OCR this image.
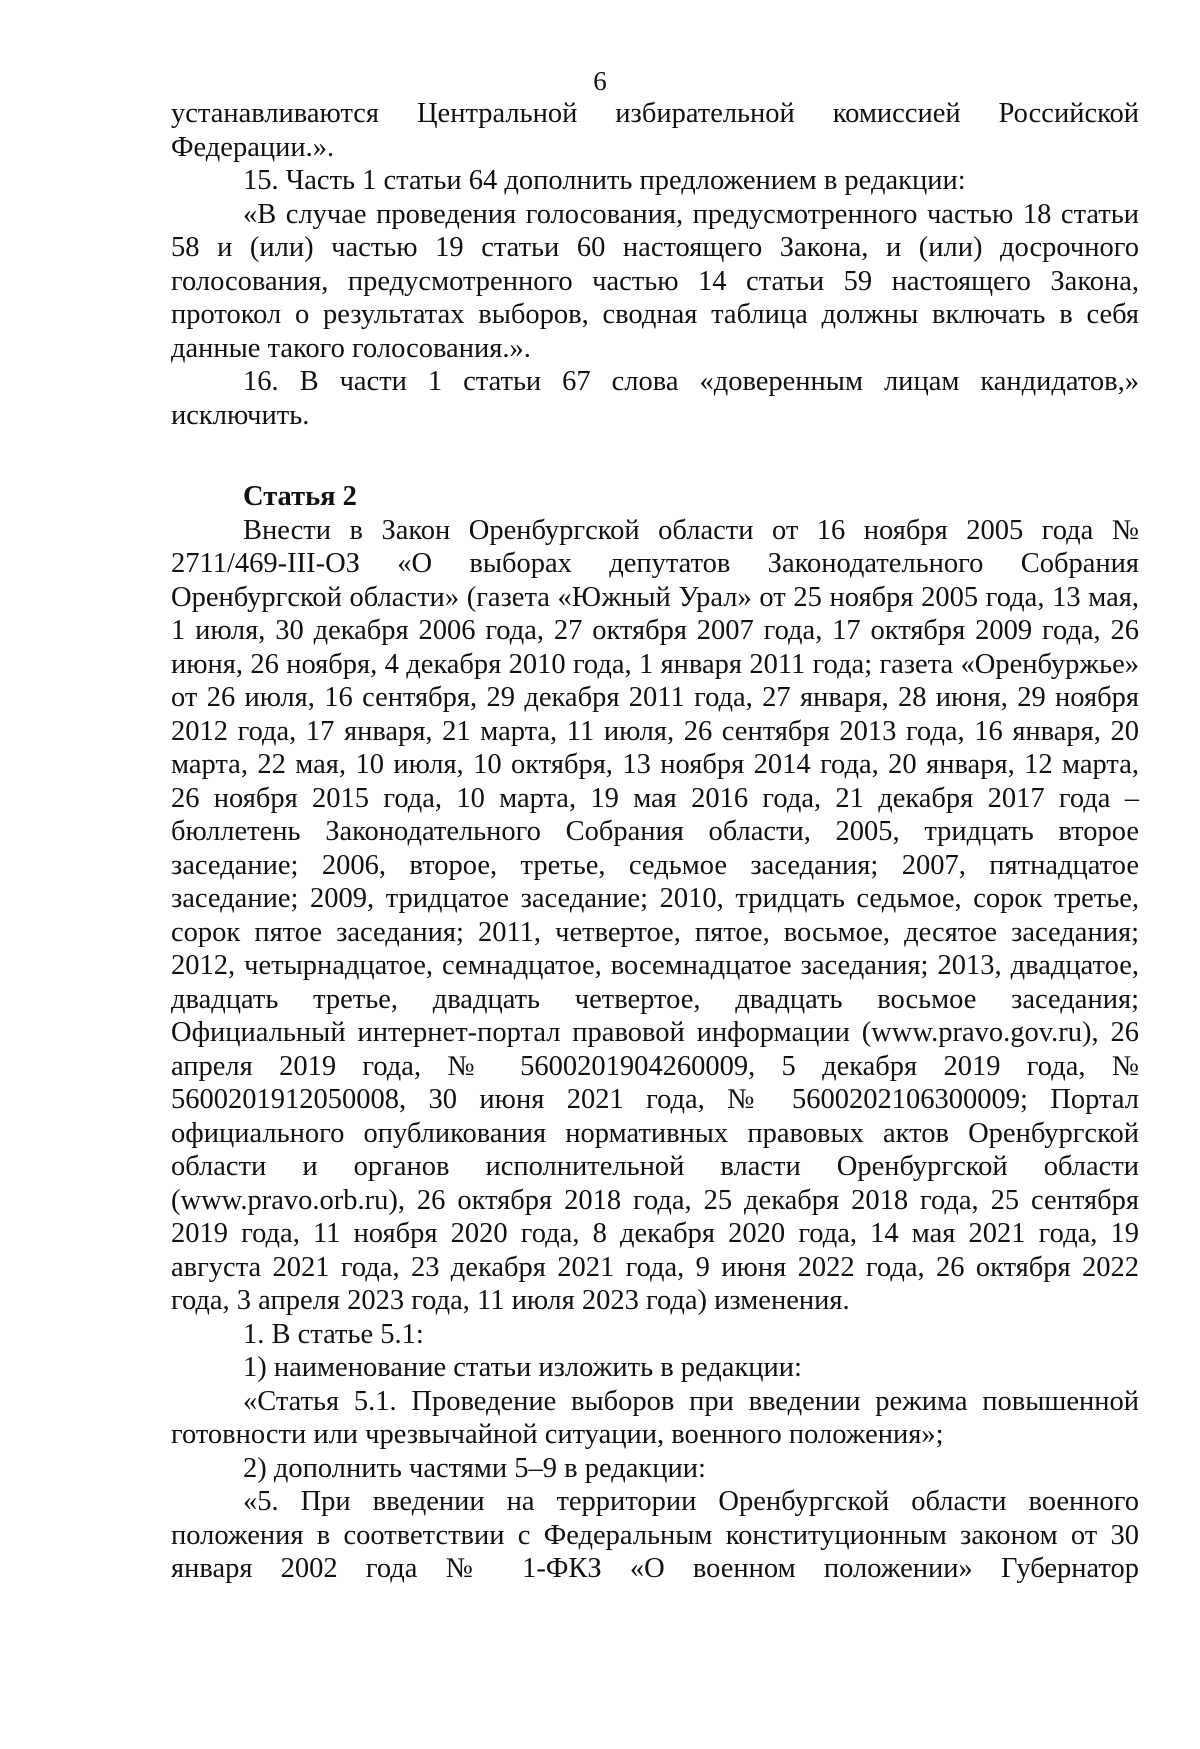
6

устанавливаются Центральной избирательной комиссией Российской Федерации.».

15. Часть 1 статьи 64 дополнить предложением в редакции:

«В случае проведения голосования, предусмотренного частью 18 статьи 58 и (или) частью 19 статьи 60 настоящего Закона, и (или) досрочного голосования, предусмотренного частью 14 статьи 59 настоящего Закона, протокол о результатах выборов, сводная таблица должны включать в себя данные такого голосования.».

16. В части 1 статьи 67 слова «доверенным лицам кандидатов,» исключить.

Статья 2

Внести в Закон Оренбургской области от 16 ноября 2005 года № 2711/469-III-ОЗ «О выборах депутатов Законодательного Собрания Оренбургской области» (газета «Южный Урал» от 25 ноября 2005 года, 13 мая, 1 июля, 30 декабря 2006 года, 27 октября 2007 года, 17 октября 2009 года, 26 июня, 26 ноября, 4 декабря 2010 года, 1 января 2011 года; газета «Оренбуржье» от 26 июля, 16 сентября, 29 декабря 2011 года, 27 января, 28 июня, 29 ноября 2012 года, 17 января, 21 марта, 11 июля, 26 сентября 2013 года, 16 января, 20 марта, 22 мая, 10 июля, 10 октября, 13 ноября 2014 года, 20 января, 12 марта, 26 ноября 2015 года, 10 марта, 19 мая 2016 года, 21 декабря 2017 года – бюллетень Законодательного Собрания области, 2005, тридцать второе заседание; 2006, второе, третье, седьмое заседания; 2007, пятнадцатое заседание; 2009, тридцатое заседание; 2010, тридцать седьмое, сорок третье, сорок пятое заседания; 2011, четвертое, пятое, восьмое, десятое заседания; 2012, четырнадцатое, семнадцатое, восемнадцатое заседания; 2013, двадцатое, двадцать третье, двадцать четвертое, двадцать восьмое заседания; Официальный интернет-портал правовой информации (www.pravo.gov.ru), 26 апреля 2019 года, № 5600201904260009, 5 декабря 2019 года, № 5600201912050008, 30 июня 2021 года, № 5600202106300009; Портал официального опубликования нормативных правовых актов Оренбургской области и органов исполнительной власти Оренбургской области (www.pravo.orb.ru), 26 октября 2018 года, 25 декабря 2018 года, 25 сентября 2019 года, 11 ноября 2020 года, 8 декабря 2020 года, 14 мая 2021 года, 19 августа 2021 года, 23 декабря 2021 года, 9 июня 2022 года, 26 октября 2022 года, 3 апреля 2023 года, 11 июля 2023 года) изменения.

1. В статье 5.1:

1) наименование статьи изложить в редакции:

«Статья 5.1. Проведение выборов при введении режима повышенной готовности или чрезвычайной ситуации, военного положения»;

2) дополнить частями 5–9 в редакции:

«5. При введении на территории Оренбургской области военного положения в соответствии с Федеральным конституционным законом от 30 января 2002 года № 1-ФКЗ «О военном положении» Губернатор
